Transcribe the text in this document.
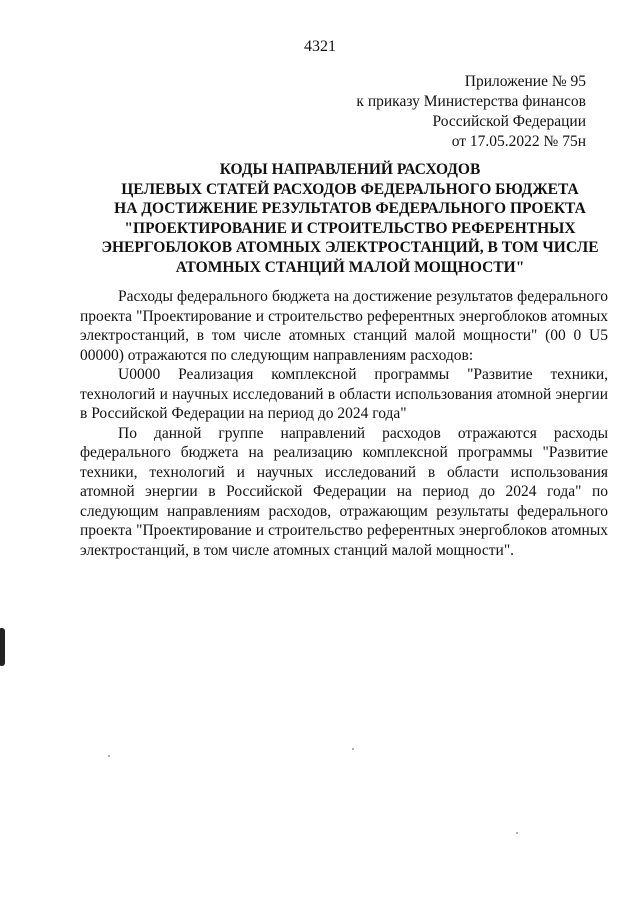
4321
Приложение № 95
к приказу Министерства финансов
Российской Федерации
от 17.05.2022 № 75н
КОДЫ НАПРАВЛЕНИЙ РАСХОДОВ
ЦЕЛЕВЫХ СТАТЕЙ РАСХОДОВ ФЕДЕРАЛЬНОГО БЮДЖЕТА
НА ДОСТИЖЕНИЕ РЕЗУЛЬТАТОВ ФЕДЕРАЛЬНОГО ПРОЕКТА
"ПРОЕКТИРОВАНИЕ И СТРОИТЕЛЬСТВО РЕФЕРЕНТНЫХ
ЭНЕРГОБЛОКОВ АТОМНЫХ ЭЛЕКТРОСТАНЦИЙ, В ТОМ ЧИСЛЕ
АТОМНЫХ СТАНЦИЙ МАЛОЙ МОЩНОСТИ"

Расходы федерального бюджета на достижение результатов федерального проекта "Проектирование и строительство референтных энергоблоков атомных электростанций, в том числе атомных станций малой мощности" (00 0 U5 00000) отражаются по следующим направлениям расходов:

U0000 Реализация комплексной программы "Развитие техники, технологий и научных исследований в области использования атомной энергии в Российской Федерации на период до 2024 года"

По данной группе направлений расходов отражаются расходы федерального бюджета на реализацию комплексной программы "Развитие техники, технологий и научных исследований в области использования атомной энергии в Российской Федерации на период до 2024 года" по следующим направлениям расходов, отражающим результаты федерального проекта "Проектирование и строительство референтных энергоблоков атомных электростанций, в том числе атомных станций малой мощности".
